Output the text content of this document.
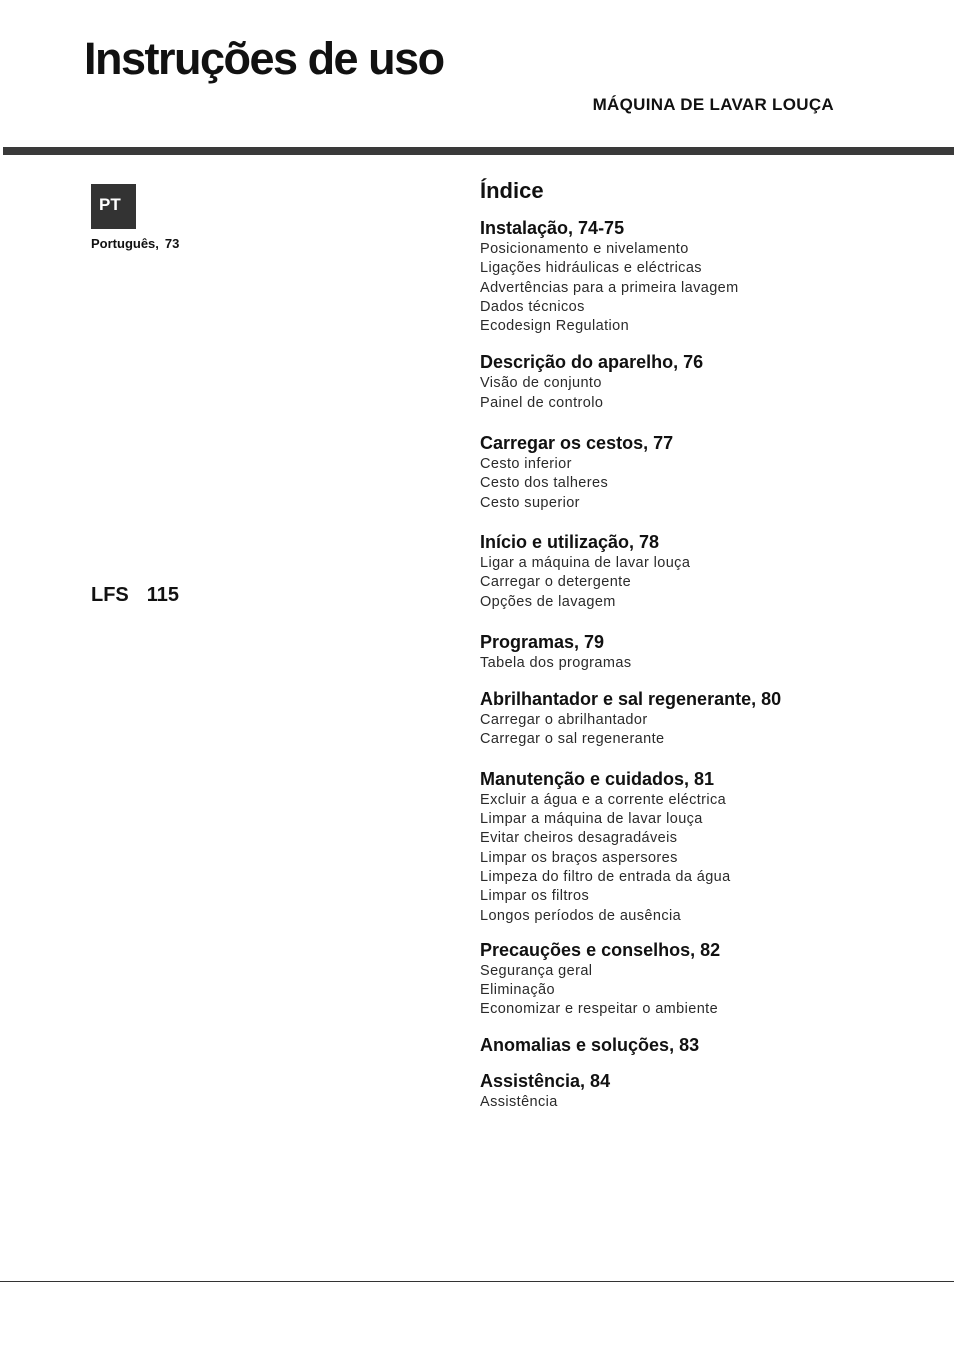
Instruções de uso
MÁQUINA DE LAVAR LOUÇA
PT
Português, 73
LFS 115
Índice
Instalação, 74-75
Posicionamento e nivelamento
Ligações hidráulicas e eléctricas
Advertências para a primeira lavagem
Dados técnicos
Ecodesign Regulation
Descrição do aparelho, 76
Visão de conjunto
Painel de controlo
Carregar os cestos, 77
Cesto inferior
Cesto dos talheres
Cesto superior
Início e utilização, 78
Ligar a máquina de lavar louça
Carregar o detergente
Opções de lavagem
Programas, 79
Tabela dos programas
Abrilhantador e sal regenerante, 80
Carregar o abrilhantador
Carregar o sal regenerante
Manutenção e cuidados, 81
Excluir a água e a corrente eléctrica
Limpar a máquina de lavar louça
Evitar cheiros desagradáveis
Limpar os braços aspersores
Limpeza do filtro de entrada da água
Limpar os filtros
Longos períodos de ausência
Precauções e conselhos, 82
Segurança geral
Eliminação
Economizar e respeitar o ambiente
Anomalias e soluções, 83
Assistência, 84
Assistência
